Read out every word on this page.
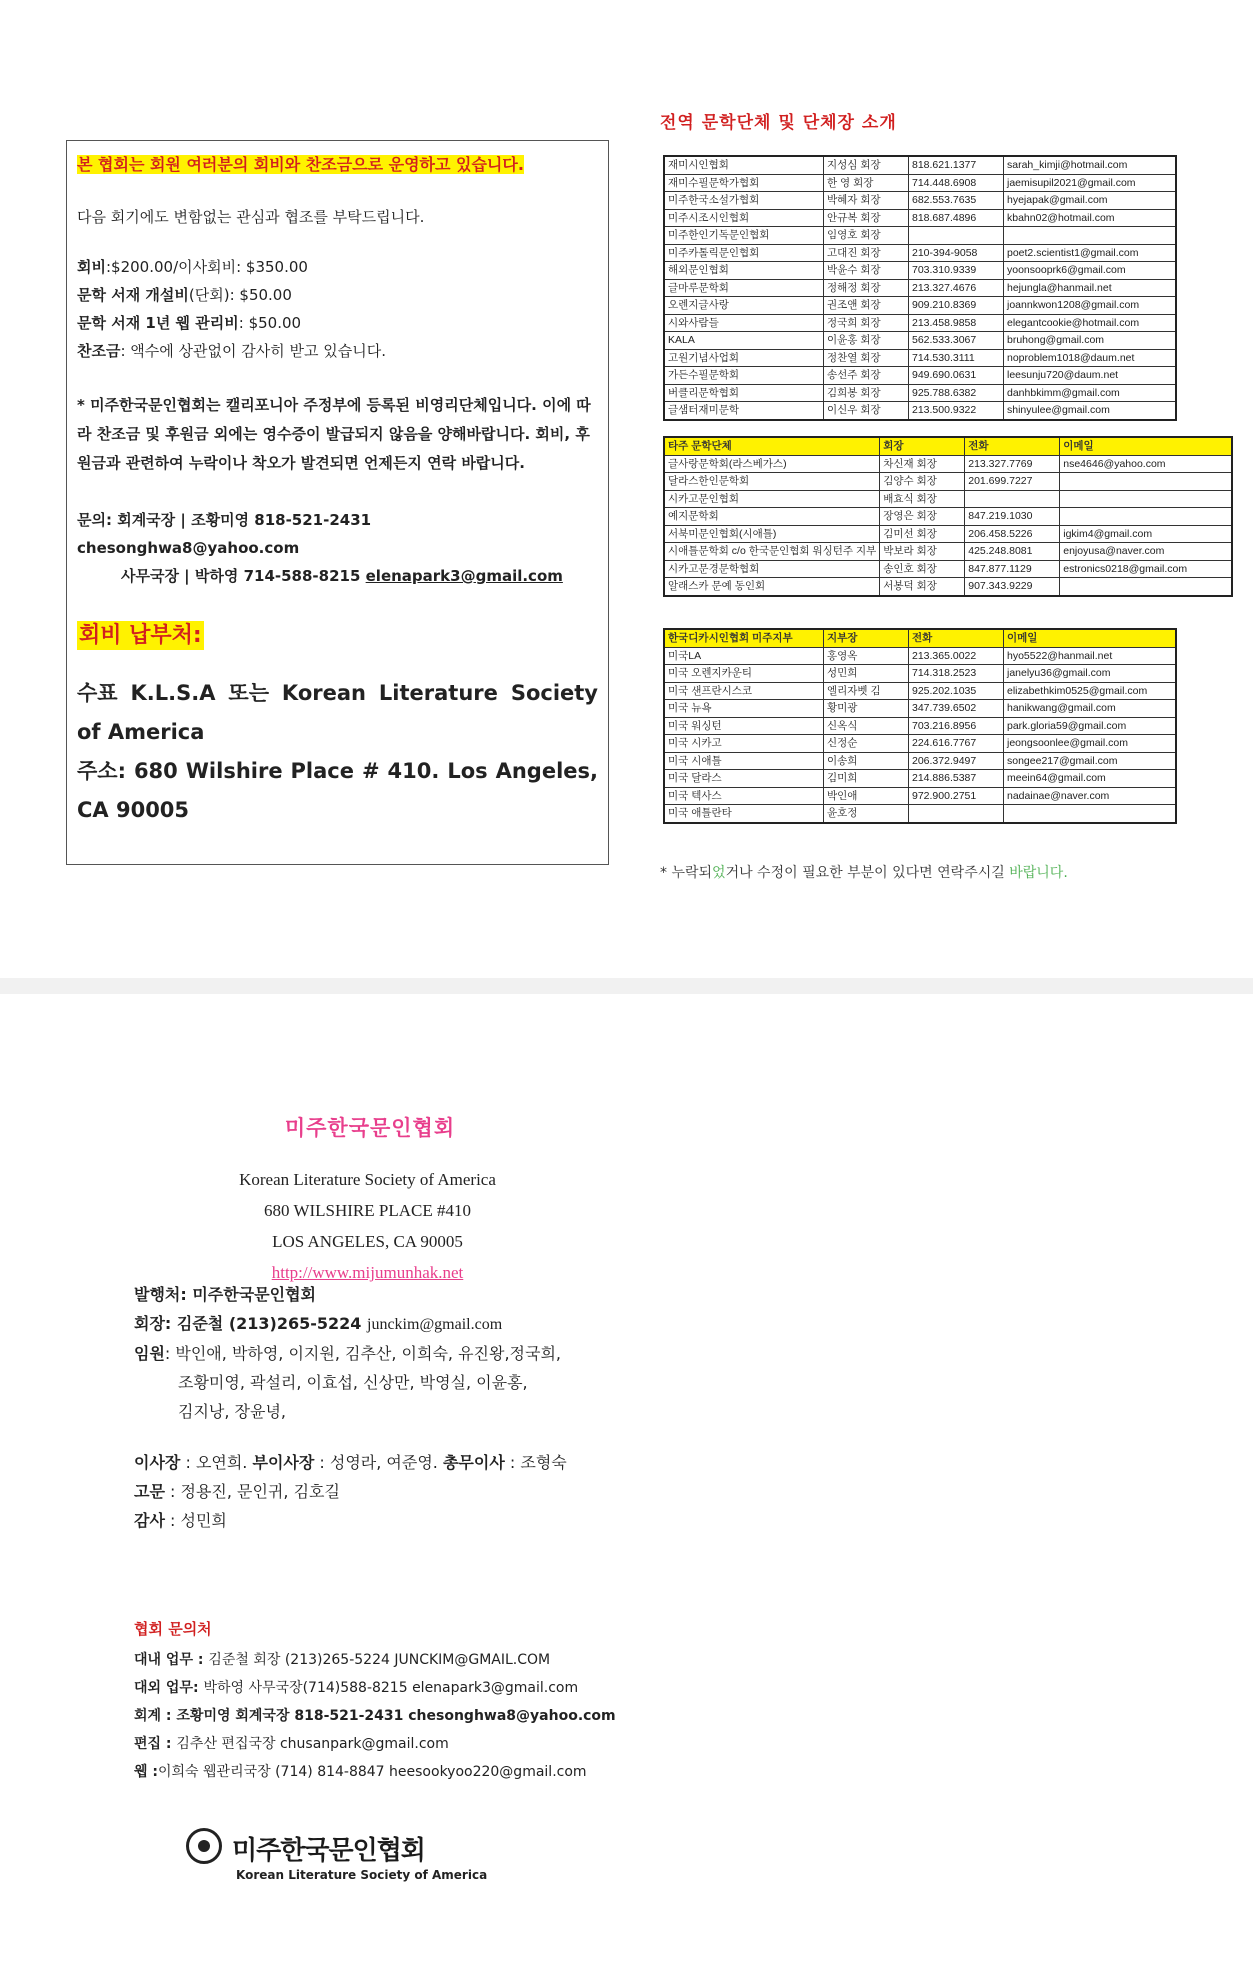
본 협회는 회원 여러분의 회비와 찬조금으로 운영하고 있습니다.

다음 회기에도 변함없는 관심과 협조를 부탁드립니다.

회비:$200.00/이사회비: $350.00
문학 서재 개설비(단회): $50.00
문학 서재 1년 웹 관리비: $50.00
찬조금: 액수에 상관없이 감사히 받고 있습니다.

* 미주한국문인협회는 캘리포니아 주정부에 등록된 비영리단체입니다. 이에 따라 찬조금 및 후원금 외에는 영수증이 발급되지 않음을 양해바랍니다. 회비, 후원금과 관련하여 누락이나 착오가 발견되면 언제든지 연락 바랍니다.

문의: 회계국장 | 조황미영 818-521-2431 chesonghwa8@yahoo.com
사무국장 | 박하영 714-588-8215 elenapark3@gmail.com

회비 납부처:

수표 K.L.S.A 또는 Korean Literature Society of America
주소: 680 Wilshire Place # 410. Los Angeles, CA 90005

전역 문학단체 및 단체장 소개
재미시인협회	지성심 회장	818.621.1377	sarah_kimji@hotmail.com
재미수필문학가협회	한 영 회장	714.448.6908	jaemisupil2021@gmail.com
미주한국소설가협회	박혜자 회장	682.553.7635	hyejapak@gmail.com
미주시조시인협회	안규복 회장	818.687.4896	kbahn02@hotmail.com
미주한인기독문인협회	임영호 회장		
미주카톨릭문인협회	고대진 회장	210-394-9058	poet2.scientist1@gmail.com
해외문인협회	박윤수 회장	703.310.9339	yoonsooprk6@gmail.com
글마루문학회	정해정 회장	213.327.4676	hejungla@hanmail.net
오렌지글사랑	권조앤 회장	909.210.8369	joannkwon1208@gmail.com
시와사람들	정국희 회장	213.458.9858	elegantcookie@hotmail.com
KALA	이윤홍 회장	562.533.3067	bruhong@gmail.com
고원기념사업회	정찬열 회장	714.530.3111	noproblem1018@daum.net
가든수필문학회	송선주 회장	949.690.0631	leesunju720@daum.net
버클리문학협회	김희봉 회장	925.788.6382	danhbkimm@gmail.com
글샘터재미문학	이신우 회장	213.500.9322	shinyulee@gmail.com
타주 문학단체	회장	전화	이메일
글사랑문학회(라스베가스)	차신재 회장	213.327.7769	nse4646@yahoo.com
달라스한인문학회	김양수 회장	201.699.7227	
시카고문인협회	배효식 회장		
예지문학회	장영은 회장	847.219.1030	
서북미문인협회(시애틀)	김미선 회장	206.458.5226	igkim4@gmail.com
시애틀문학회 c/o 한국문인협회 워싱턴주 지부	박보라 회장	425.248.8081	enjoyusa@naver.com
시카고문경문학협회	송인호 회장	847.877.1129	estronics0218@gmail.com
알래스카 문예 동인회	서봉덕 회장	907.343.9229	
한국디카시인협회 미주지부	지부장	전화	이메일
미국LA	홍영옥	213.365.0022	hyo5522@hanmail.net
미국 오렌지카운티	성민희	714.318.2523	janelyu36@gmail.com
미국 샌프란시스코	엘리자벳 김	925.202.1035	elizabethkim0525@gmail.com
미국 뉴욕	황미광	347.739.6502	hanikwang@gmail.com
미국 워싱턴	신옥식	703.216.8956	park.gloria59@gmail.com
미국 시카고	신정순	224.616.7767	jeongsoonlee@gmail.com
미국 시애틀	이송희	206.372.9497	songee217@gmail.com
미국 달라스	김미희	214.886.5387	meein64@gmail.com
미국 텍사스	박인애	972.900.2751	nadainae@naver.com
미국 애틀란타	윤호정		
* 누락되었거나 수정이 필요한 부분이 있다면 연락주시길 바랍니다.
미주한국문인협회
Korean Literature Society of America
680 WILSHIRE PLACE #410
LOS ANGELES, CA 90005
http://www.mijumunhak.net
발행처: 미주한국문인협회
회장: 김준철 (213)265-5224 junckim@gmail.com
임원: 박인애, 박하영, 이지원, 김추산, 이희숙, 유진왕,정국희,
조황미영, 곽설리, 이효섭, 신상만, 박영실, 이윤홍,
김지낭, 장윤녕,
이사장 : 오연희. 부이사장 : 성영라, 여준영. 총무이사 : 조형숙
고문 : 정용진, 문인귀, 김호길
감사 : 성민희
협회 문의처
대내 업무 : 김준철 회장 (213)265-5224 JUNCKIM@GMAIL.COM
대외 업무: 박하영 사무국장(714)588-8215 elenapark3@gmail.com
회계 : 조황미영 회계국장 818-521-2431 chesonghwa8@yahoo.com
편집 : 김추산 편집국장 chusanpark@gmail.com
웹 :이희숙 웹관리국장 (714) 814-8847 heesookyoo220@gmail.com
미주한국문인협회
Korean Literature Society of America
